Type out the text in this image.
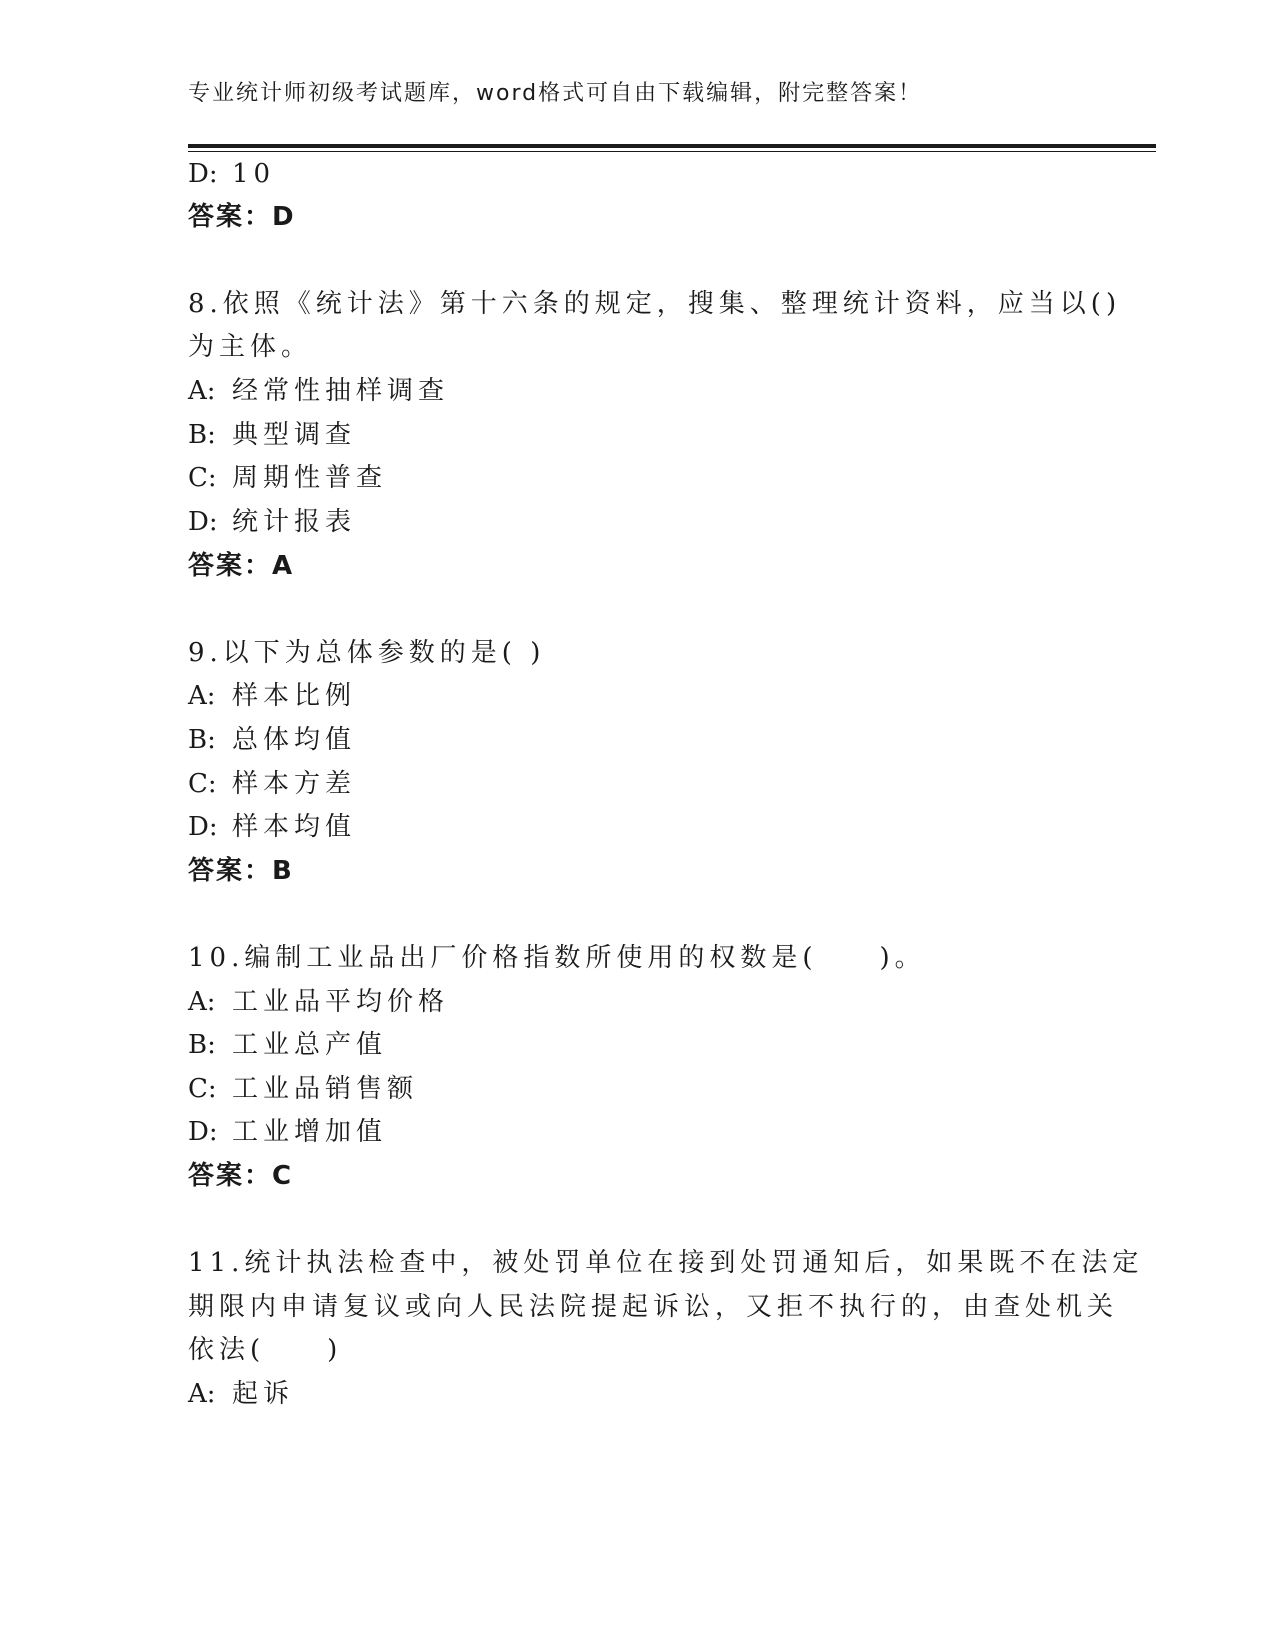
专业统计师初级考试题库，word格式可自由下载编辑，附完整答案！
D: 10
答案：D
8.依照《统计法》第十六条的规定，搜集、整理统计资料，应当以()
为主体。
A: 经常性抽样调查
B: 典型调查
C: 周期性普查
D: 统计报表
答案：A
9.以下为总体参数的是( )
A: 样本比例
B: 总体均值
C: 样本方差
D: 样本均值
答案：B
10.编制工业品出厂价格指数所使用的权数是(　　)。
A: 工业品平均价格
B: 工业总产值
C: 工业品销售额
D: 工业增加值
答案：C
11.统计执法检查中，被处罚单位在接到处罚通知后，如果既不在法定
期限内申请复议或向人民法院提起诉讼，又拒不执行的，由查处机关
依法(　　)
A: 起诉
